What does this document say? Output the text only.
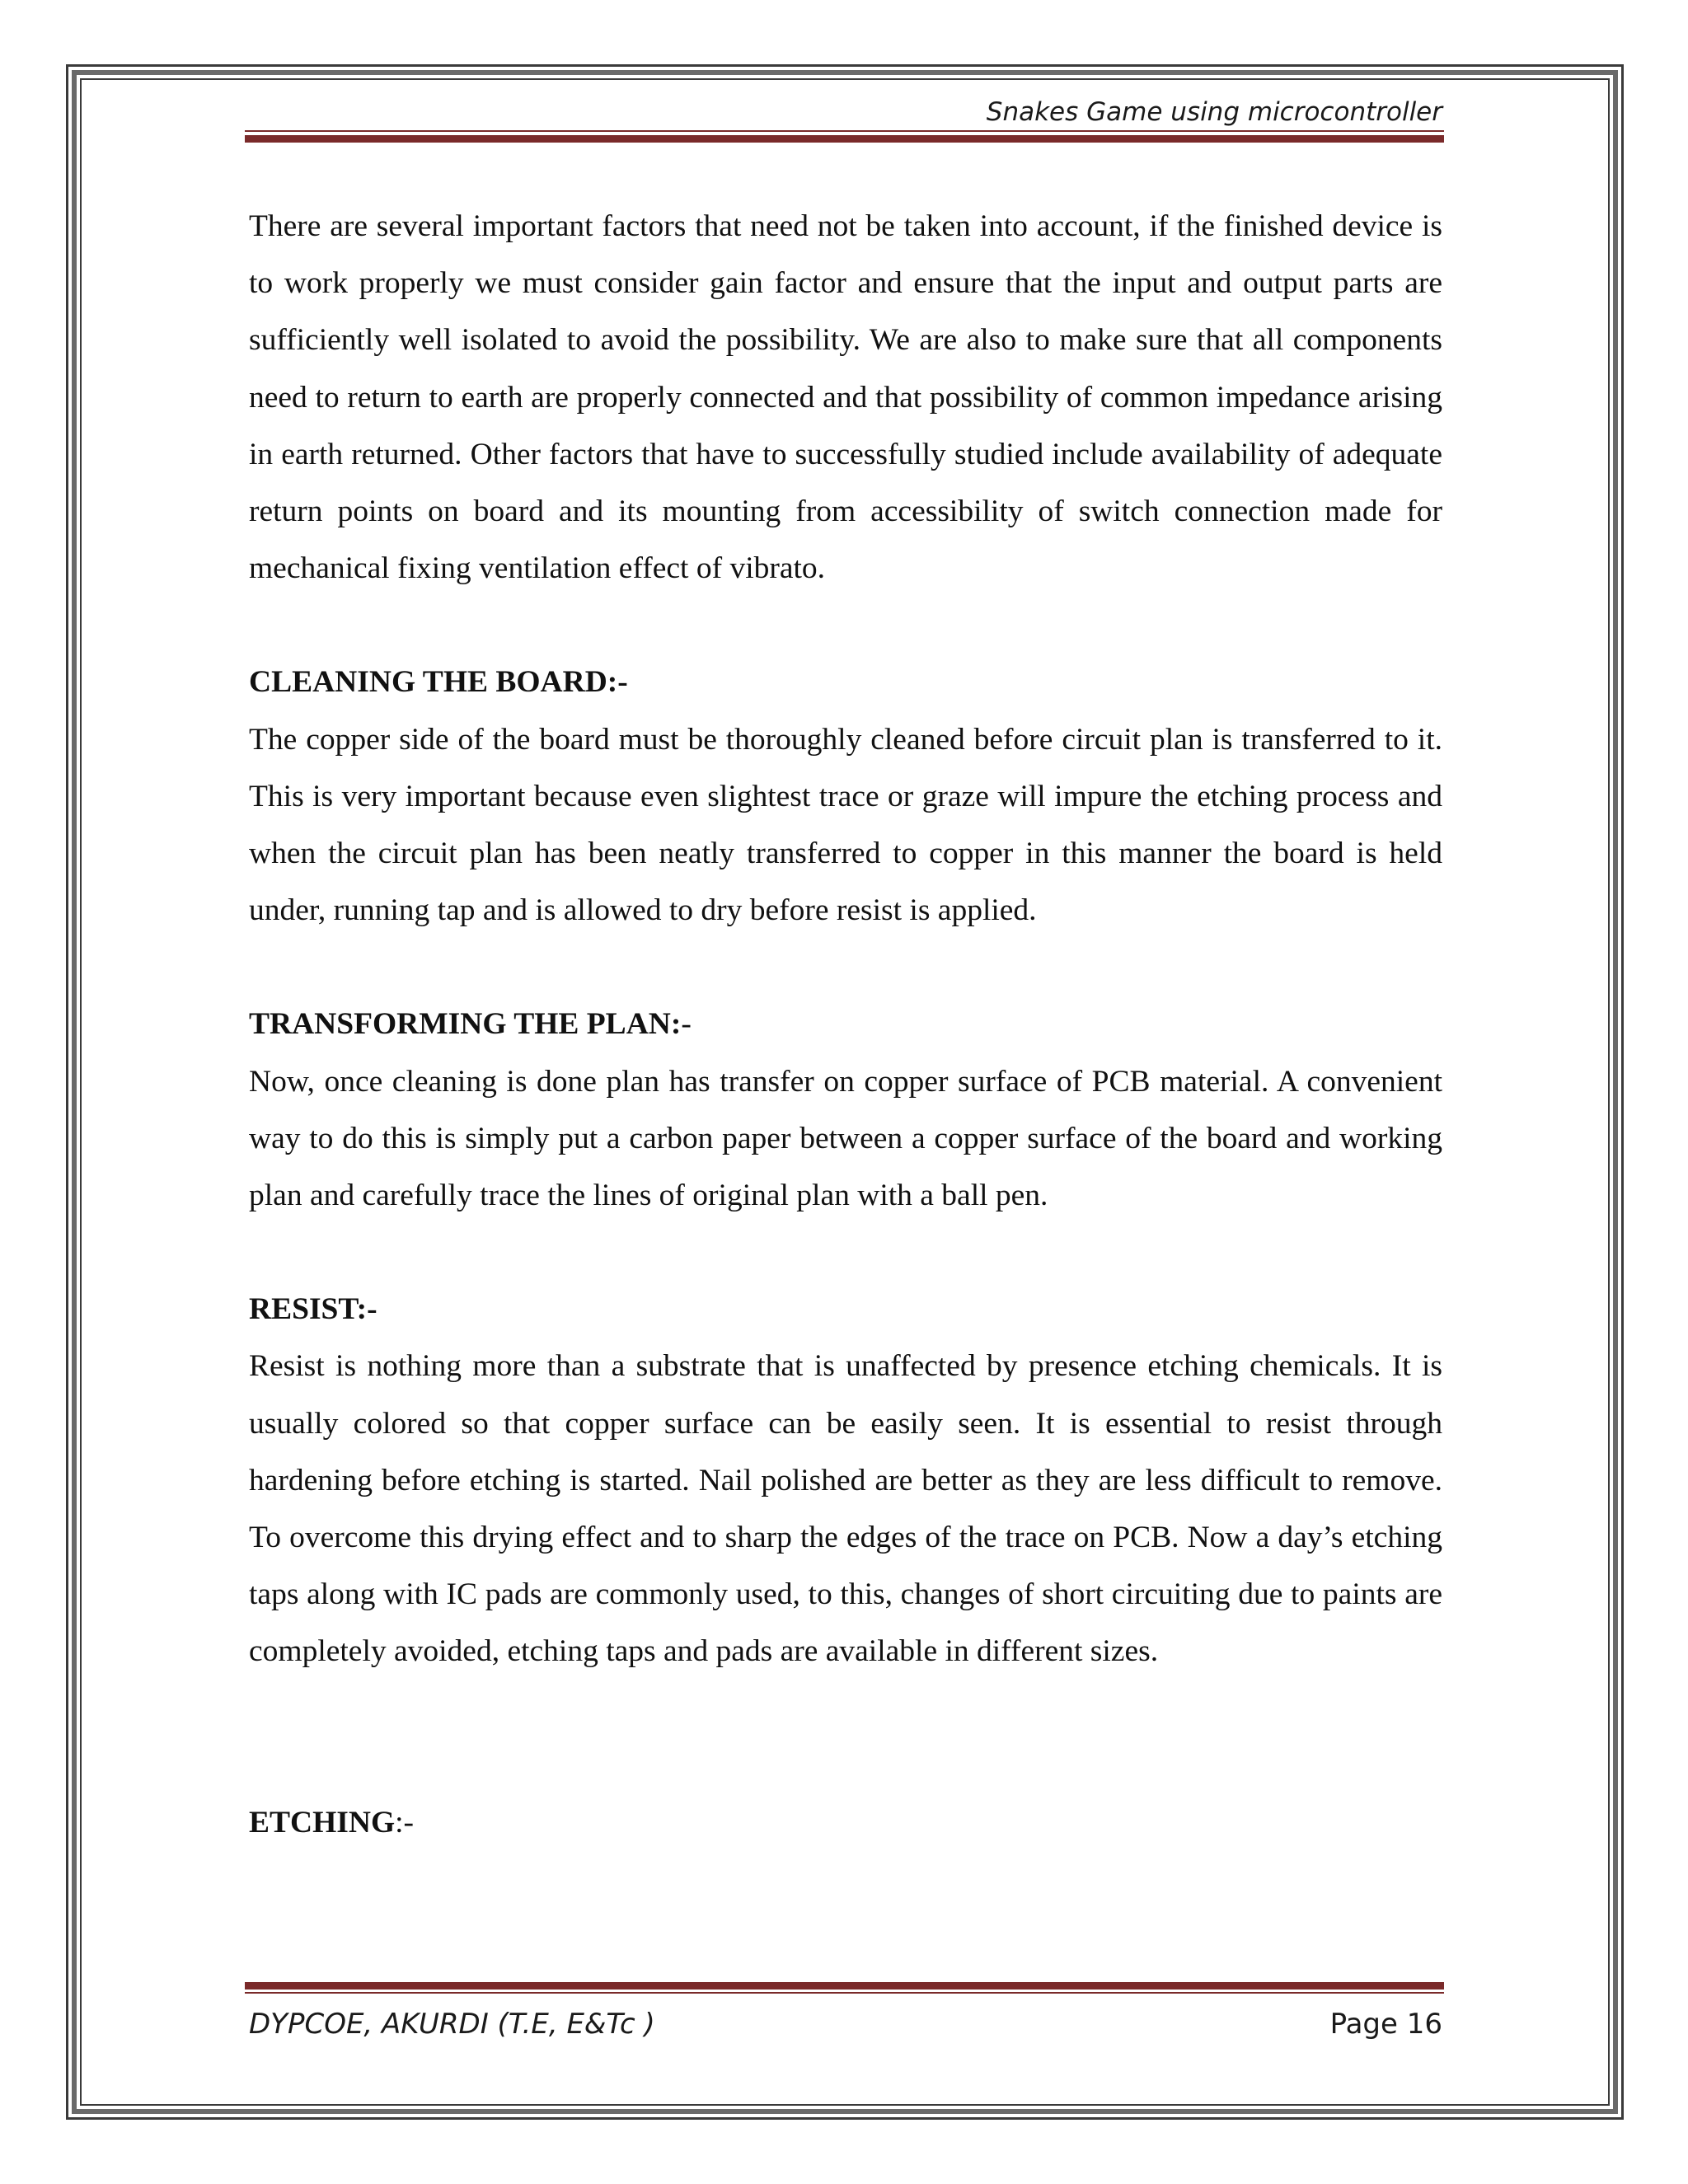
Snakes Game using microcontroller

There are several important factors that need not be taken into account, if the finished device is to work properly we must consider gain factor and ensure that the input and output parts are sufficiently well isolated to avoid the possibility. We are also to make sure that all components need to return to earth are properly connected and that possibility of common impedance arising in earth returned. Other factors that have to successfully studied include availability of adequate return points on board and its mounting from accessibility of switch connection made for mechanical fixing ventilation effect of vibrato.

CLEANING THE BOARD:-

The copper side of the board must be thoroughly cleaned before circuit plan is transferred to it. This is very important because even slightest trace or graze will impure the etching process and when the circuit plan has been neatly transferred to copper in this manner the board is held under, running tap and is allowed to dry before resist is applied.

TRANSFORMING THE PLAN:-

Now, once cleaning is done plan has transfer on copper surface of PCB material. A convenient way to do this is simply put a carbon paper between a copper surface of the board and working plan and carefully trace the lines of original plan with a ball pen.

RESIST:-

Resist is nothing more than a substrate that is unaffected by presence etching chemicals. It is usually colored so that copper surface can be easily seen. It is essential to resist through hardening before etching is started. Nail polished are better as they are less difficult to remove. To overcome this drying effect and to sharp the edges of the trace on PCB. Now a day’s etching taps along with IC pads are commonly used, to this, changes of short circuiting due to paints are completely avoided, etching taps and pads are available in different sizes.

ETCHING:-

DYPCOE, AKURDI (T.E, E&Tc )	Page 16
